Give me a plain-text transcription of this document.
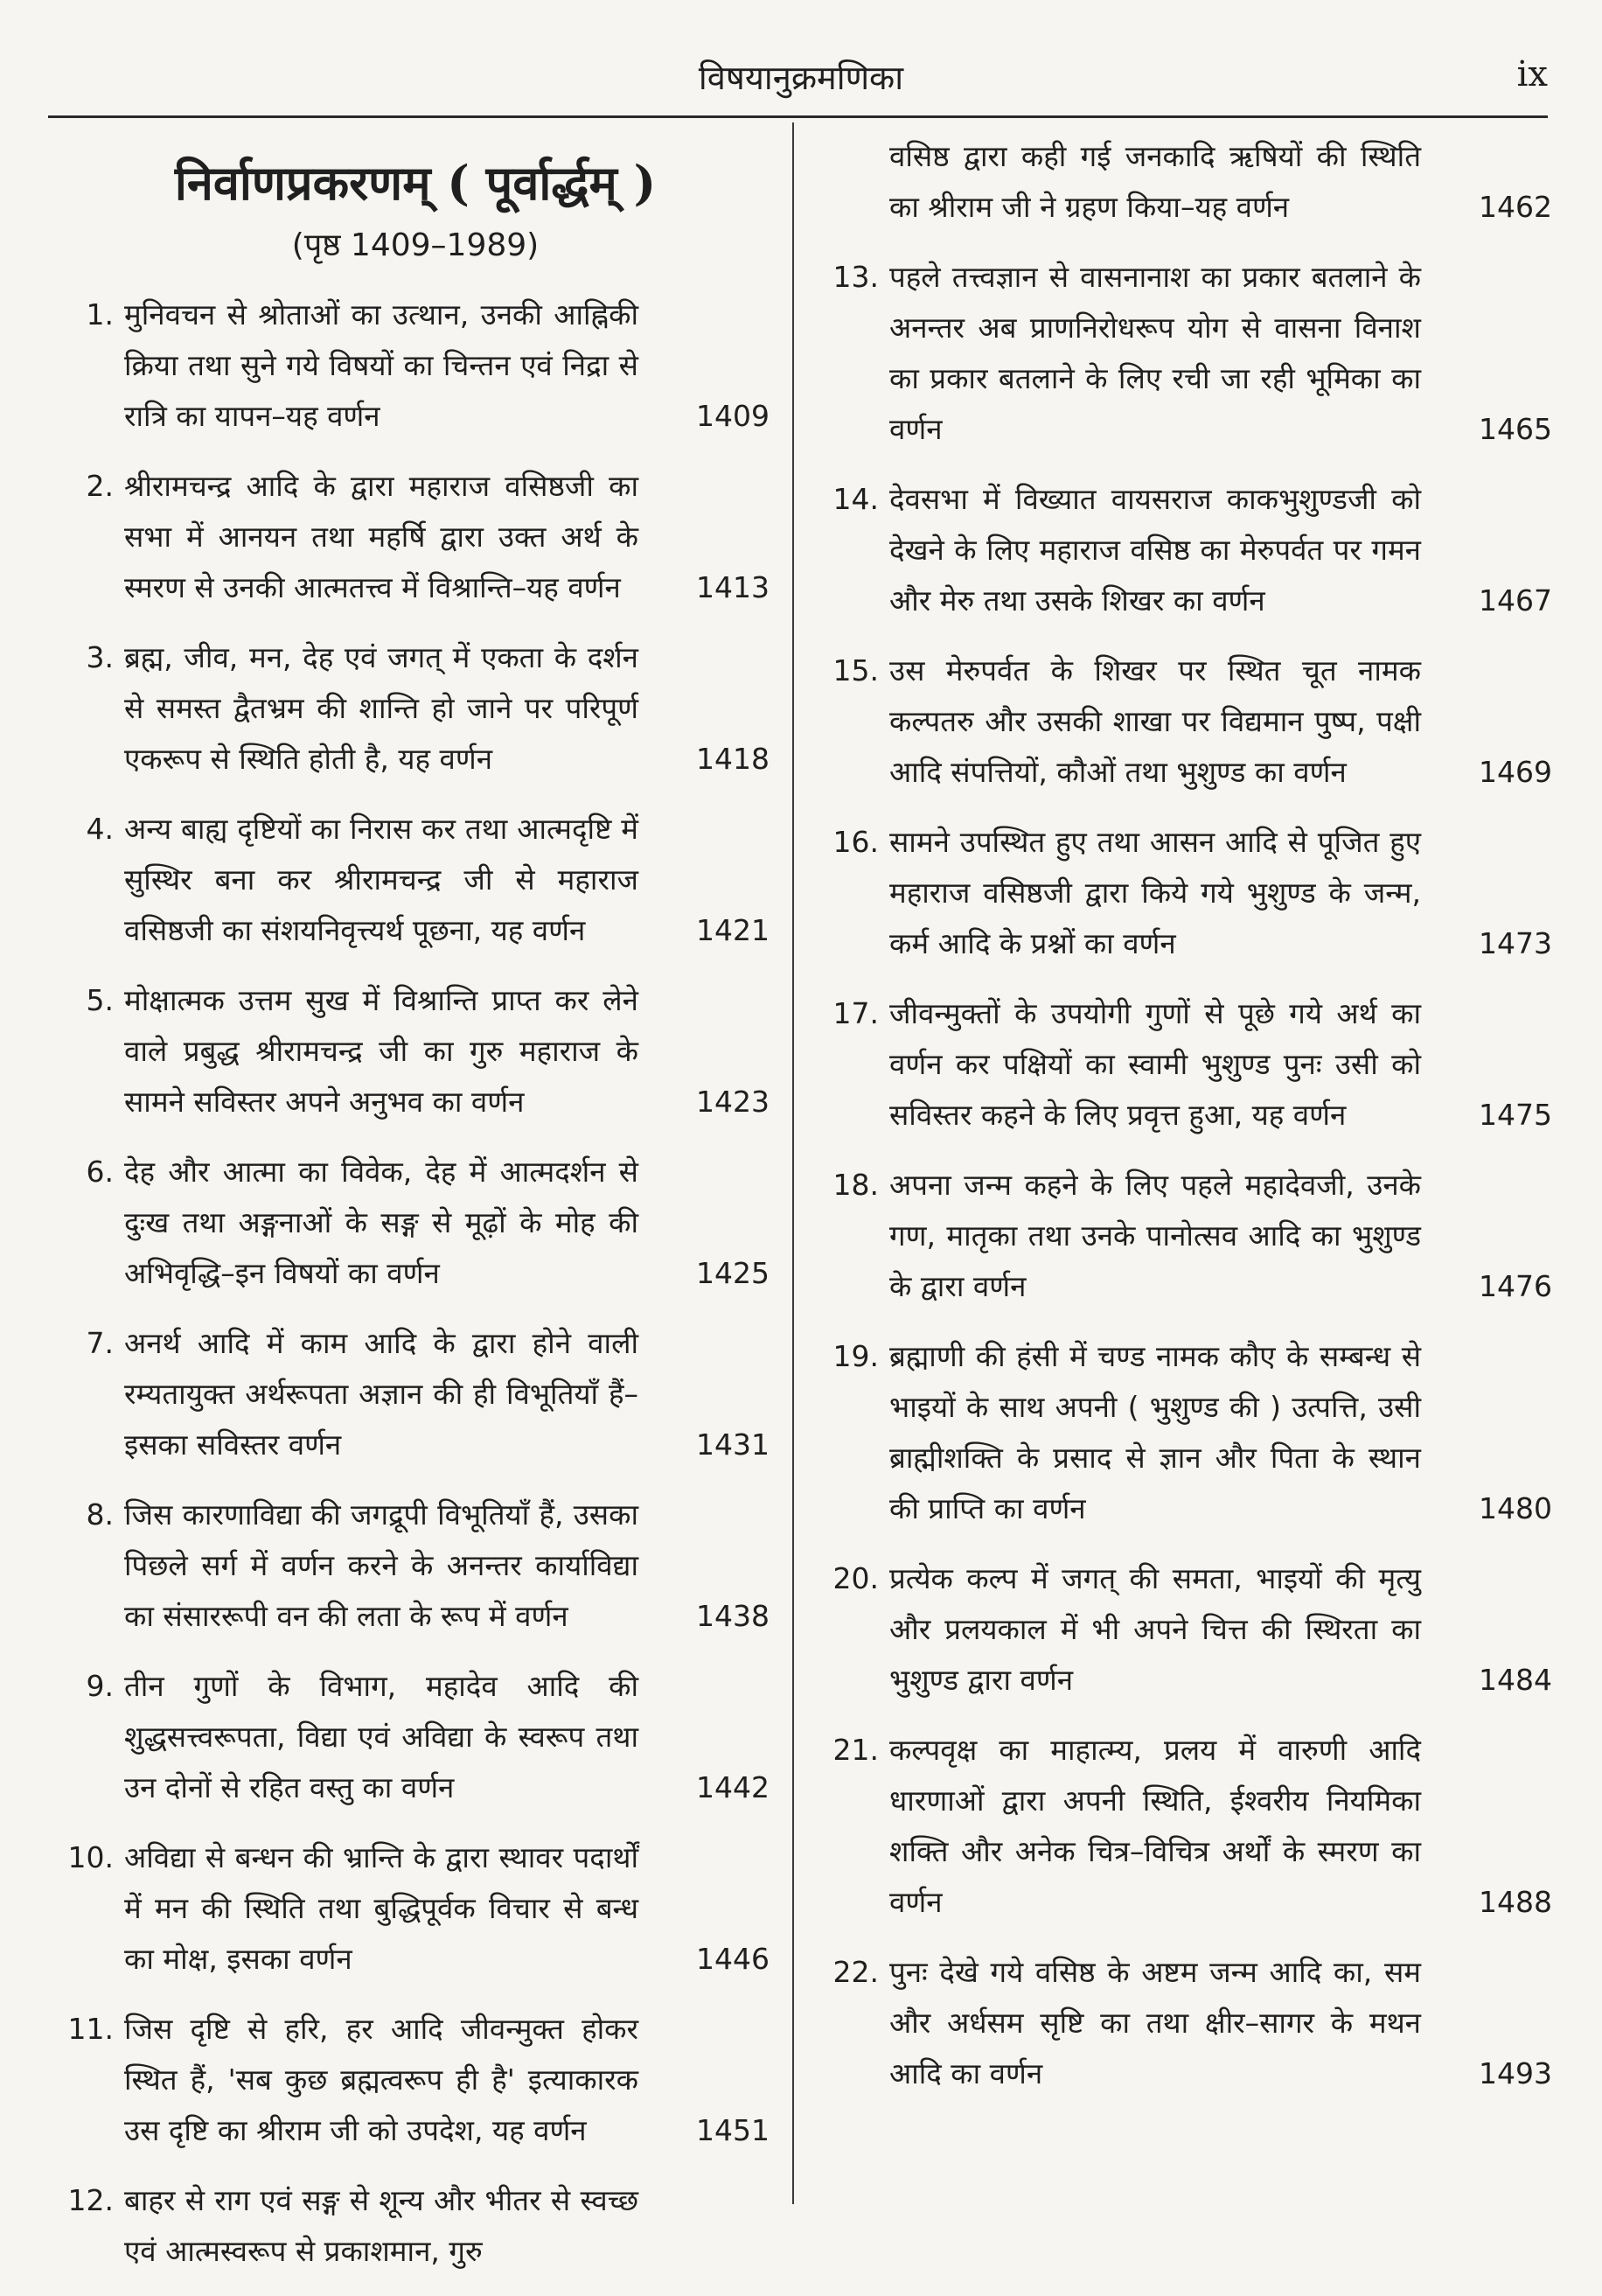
विषयानुक्रमणिका	ix
निर्वाणप्रकरणम् ( पूर्वार्द्धम् )
(पृष्ठ 1409–1989)
1. मुनिवचन से श्रोताओं का उत्थान, उनकी आह्निकी क्रिया तथा सुने गये विषयों का चिन्तन एवं निद्रा से रात्रि का यापन–यह वर्णन	1409
2. श्रीरामचन्द्र आदि के द्वारा महाराज वसिष्ठजी का सभा में आनयन तथा महर्षि द्वारा उक्त अर्थ के स्मरण से उनकी आत्मतत्त्व में विश्रान्ति–यह वर्णन	1413
3. ब्रह्म, जीव, मन, देह एवं जगत् में एकता के दर्शन से समस्त द्वैतभ्रम की शान्ति हो जाने पर परिपूर्ण एकरूप से स्थिति होती है, यह वर्णन	1418
4. अन्य बाह्य दृष्टियों का निरास कर तथा आत्मदृष्टि में सुस्थिर बना कर श्रीरामचन्द्र जी से महाराज वसिष्ठजी का संशयनिवृत्त्यर्थ पूछना, यह वर्णन	1421
5. मोक्षात्मक उत्तम सुख में विश्रान्ति प्राप्त कर लेने वाले प्रबुद्ध श्रीरामचन्द्र जी का गुरु महाराज के सामने सविस्तर अपने अनुभव का वर्णन	1423
6. देह और आत्मा का विवेक, देह में आत्मदर्शन से दुःख तथा अङ्गनाओं के सङ्ग से मूढ़ों के मोह की अभिवृद्धि–इन विषयों का वर्णन	1425
7. अनर्थ आदि में काम आदि के द्वारा होने वाली रम्यतायुक्त अर्थरूपता अज्ञान की ही विभूतियाँ हैं–इसका सविस्तर वर्णन	1431
8. जिस कारणाविद्या की जगद्रूपी विभूतियाँ हैं, उसका पिछले सर्ग में वर्णन करने के अनन्तर कार्याविद्या का संसाररूपी वन की लता के रूप में वर्णन	1438
9. तीन गुणों के विभाग, महादेव आदि की शुद्धसत्त्वरूपता, विद्या एवं अविद्या के स्वरूप तथा उन दोनों से रहित वस्तु का वर्णन	1442
10. अविद्या से बन्धन की भ्रान्ति के द्वारा स्थावर पदार्थों में मन की स्थिति तथा बुद्धिपूर्वक विचार से बन्ध का मोक्ष, इसका वर्णन	1446
11. जिस दृष्टि से हरि, हर आदि जीवन्मुक्त होकर स्थित हैं, 'सब कुछ ब्रह्मत्वरूप ही है' इत्याकारक उस दृष्टि का श्रीराम जी को उपदेश, यह वर्णन	1451
12. बाहर से राग एवं सङ्ग से शून्य और भीतर से स्वच्छ एवं आत्मस्वरूप से प्रकाशमान, गुरु
वसिष्ठ द्वारा कही गई जनकादि ऋषियों की स्थिति का श्रीराम जी ने ग्रहण किया–यह वर्णन	1462
13. पहले तत्त्वज्ञान से वासनानाश का प्रकार बतलाने के अनन्तर अब प्राणनिरोधरूप योग से वासना विनाश का प्रकार बतलाने के लिए रची जा रही भूमिका का वर्णन	1465
14. देवसभा में विख्यात वायसराज काकभुशुण्डजी को देखने के लिए महाराज वसिष्ठ का मेरुपर्वत पर गमन और मेरु तथा उसके शिखर का वर्णन	1467
15. उस मेरुपर्वत के शिखर पर स्थित चूत नामक कल्पतरु और उसकी शाखा पर विद्यमान पुष्प, पक्षी आदि संपत्तियों, कौओं तथा भुशुण्ड का वर्णन	1469
16. सामने उपस्थित हुए तथा आसन आदि से पूजित हुए महाराज वसिष्ठजी द्वारा किये गये भुशुण्ड के जन्म, कर्म आदि के प्रश्नों का वर्णन	1473
17. जीवन्मुक्तों के उपयोगी गुणों से पूछे गये अर्थ का वर्णन कर पक्षियों का स्वामी भुशुण्ड पुनः उसी को सविस्तर कहने के लिए प्रवृत्त हुआ, यह वर्णन	1475
18. अपना जन्म कहने के लिए पहले महादेवजी, उनके गण, मातृका तथा उनके पानोत्सव आदि का भुशुण्ड के द्वारा वर्णन	1476
19. ब्रह्माणी की हंसी में चण्ड नामक कौए के सम्बन्ध से भाइयों के साथ अपनी ( भुशुण्ड की ) उत्पत्ति, उसी ब्राह्मीशक्ति के प्रसाद से ज्ञान और पिता के स्थान की प्राप्ति का वर्णन	1480
20. प्रत्येक कल्प में जगत् की समता, भाइयों की मृत्यु और प्रलयकाल में भी अपने चित्त की स्थिरता का भुशुण्ड द्वारा वर्णन	1484
21. कल्पवृक्ष का माहात्म्य, प्रलय में वारुणी आदि धारणाओं द्वारा अपनी स्थिति, ईश्वरीय नियमिका शक्ति और अनेक चित्र–विचित्र अर्थों के स्मरण का वर्णन	1488
22. पुनः देखे गये वसिष्ठ के अष्टम जन्म आदि का, सम और अर्धसम सृष्टि का तथा क्षीर–सागर के मथन आदि का वर्णन	1493
